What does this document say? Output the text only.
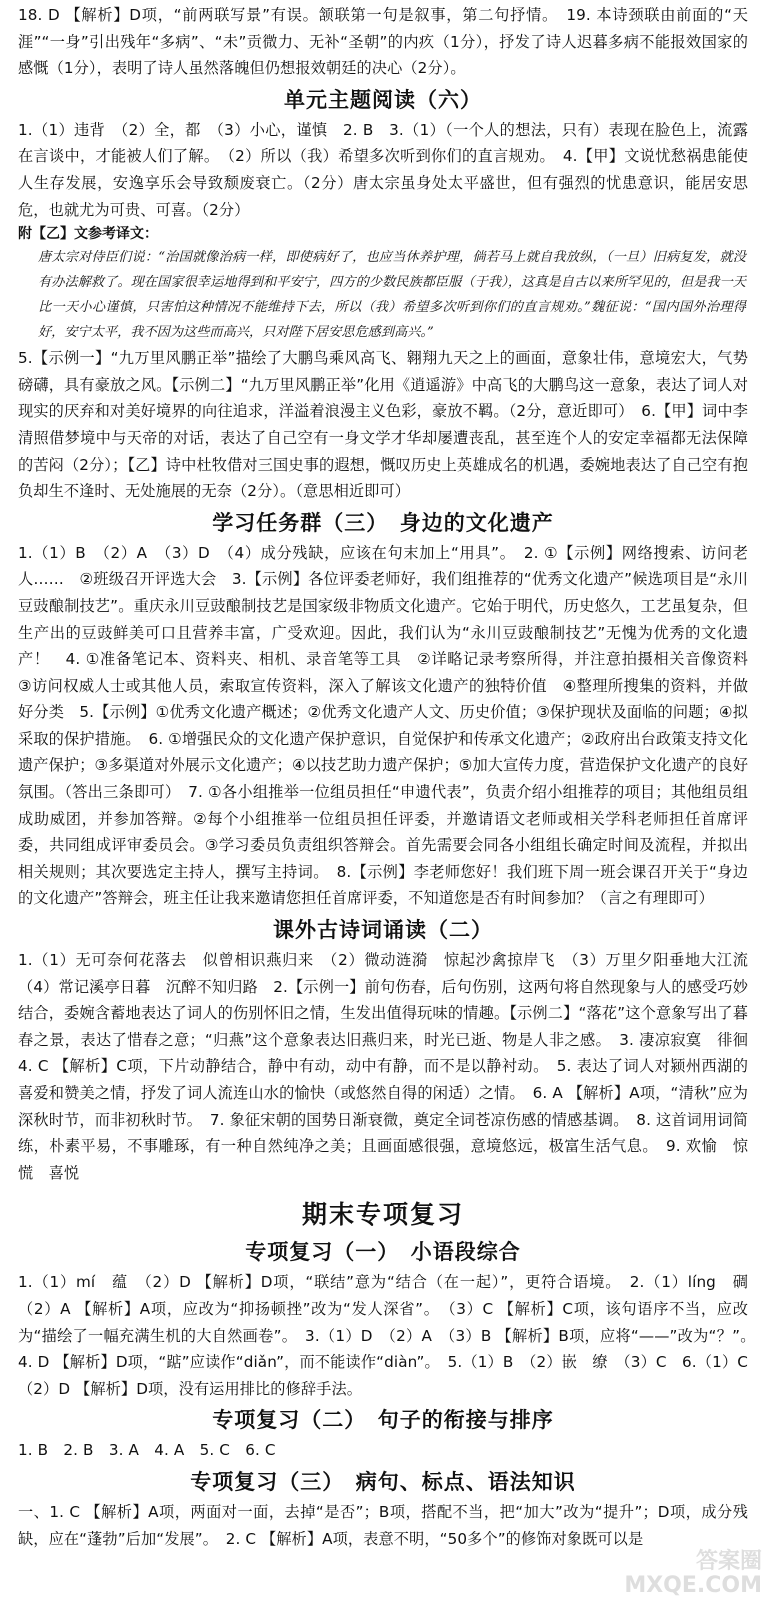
18. D 【解析】D项，“前两联写景”有误。颔联第一句是叙事，第二句抒情。　19. 本诗颈联由前面的“天涯”“一身”引出残年“多病”、“未”贡微力、无补“圣朝”的内疚（1分），抒发了诗人迟暮多病不能报效国家的感慨（1分），表明了诗人虽然落魄但仍想报效朝廷的决心（2分）。

单元主题阅读（六）

1.（1）违背　（2）全，都　（3）小心，谨慎　2. B　3.（1）（一个人的想法，只有）表现在脸色上，流露在言谈中，才能被人们了解。　（2）所以（我）希望多次听到你们的直言规劝。　4.【甲】文说忧愁祸患能使人生存发展，安逸享乐会导致颓废衰亡。（2分）唐太宗虽身处太平盛世，但有强烈的忧患意识，能居安思危，也就尤为可贵、可喜。（2分）

附【乙】文参考译文：

唐太宗对侍臣们说：“治国就像治病一样，即使病好了，也应当休养护理，倘若马上就自我放纵，（一旦）旧病复发，就没有办法解救了。现在国家很幸运地得到和平安宁，四方的少数民族都臣服（于我），这真是自古以来所罕见的，但是我一天比一天小心谨慎，只害怕这种情况不能维持下去，所以（我）希望多次听到你们的直言规劝。”魏征说：“国内国外治理得好，安宁太平，我不因为这些而高兴，只对陛下居安思危感到高兴。”

5.【示例一】“九万里风鹏正举”描绘了大鹏鸟乘风高飞、翱翔九天之上的画面，意象壮伟，意境宏大，气势磅礴，具有豪放之风。【示例二】“九万里风鹏正举”化用《逍遥游》中高飞的大鹏鸟这一意象，表达了词人对现实的厌弃和对美好境界的向往追求，洋溢着浪漫主义色彩，豪放不羁。（2分，意近即可）　6.【甲】词中李清照借梦境中与天帝的对话，表达了自己空有一身文学才华却屡遭丧乱，甚至连个人的安定幸福都无法保障的苦闷（2分）；【乙】诗中杜牧借对三国史事的遐想，慨叹历史上英雄成名的机遇，委婉地表达了自己空有抱负却生不逢时、无处施展的无奈（2分）。（意思相近即可）

学习任务群（三）　 身边的文化遗产

1.（1）B　（2）A　（3）D　（4）成分残缺，应该在句末加上“用具”。　2. ①【示例】网络搜索、访问老人……　②班级召开评选大会　3.【示例】各位评委老师好，我们组推荐的“优秀文化遗产”候选项目是“永川豆豉酿制技艺”。重庆永川豆豉酿制技艺是国家级非物质文化遗产。它始于明代，历史悠久，工艺虽复杂，但生产出的豆豉鲜美可口且营养丰富，广受欢迎。因此，我们认为“永川豆豉酿制技艺”无愧为优秀的文化遗产！　4. ①准备笔记本、资料夹、相机、录音笔等工具　②详略记录考察所得，并注意拍摄相关音像资料　③访问权威人士或其他人员，索取宣传资料，深入了解该文化遗产的独特价值　④整理所搜集的资料，并做好分类　5.【示例】①优秀文化遗产概述；②优秀文化遗产人文、历史价值；③保护现状及面临的问题；④拟采取的保护措施。　6. ①增强民众的文化遗产保护意识，自觉保护和传承文化遗产；②政府出台政策支持文化遗产保护；③多渠道对外展示文化遗产；④以技艺助力遗产保护；⑤加大宣传力度，营造保护文化遗产的良好氛围。（答出三条即可）　7. ①各小组推举一位组员担任“申遗代表”，负责介绍小组推荐的项目；其他组员组成助威团，并参加答辩。②每个小组推举一位组员担任评委，并邀请语文老师或相关学科老师担任首席评委，共同组成评审委员会。③学习委员负责组织答辩会。首先需要会同各小组组长确定时间及流程，并拟出相关规则；其次要选定主持人，撰写主持词。　8.【示例】李老师您好！我们班下周一班会课召开关于“身边的文化遗产”答辩会，班主任让我来邀请您担任首席评委，不知道您是否有时间参加？（言之有理即可）

课外古诗词诵读（二）

1.（1）无可奈何花落去　似曾相识燕归来　（2）微动涟漪　惊起沙禽掠岸飞　（3）万里夕阳垂地大江流　（4）常记溪亭日暮　沉醉不知归路　2.【示例一】前句伤春，后句伤别，这两句将自然现象与人的感受巧妙结合，委婉含蓄地表达了词人的伤别怀旧之情，生发出值得玩味的情趣。【示例二】“落花”这个意象写出了暮春之景，表达了惜春之意；“归燕”这个意象表达旧燕归来，时光已逝、物是人非之感。　3. 凄凉寂寞　徘徊　4. C 【解析】C项，下片动静结合，静中有动，动中有静，而不是以静衬动。　5. 表达了词人对颍州西湖的喜爱和赞美之情，抒发了词人流连山水的愉快（或悠然自得的闲适）之情。　6. A 【解析】A项，“清秋”应为深秋时节，而非初秋时节。　7. 象征宋朝的国势日渐衰微，奠定全词苍凉伤感的情感基调。　8. 这首词用词简练，朴素平易，不事雕琢，有一种自然纯净之美；且画面感很强，意境悠远，极富生活气息。　9. 欢愉　惊慌　喜悦

期末专项复习
专项复习（一）　 小语段综合

1.（1）mí　蕴　（2）D 【解析】D项，“联结”意为“结合（在一起）”，更符合语境。　2.（1）líng　碉　（2）A 【解析】A项，应改为“抑扬顿挫”改为“发人深省”。　（3）C 【解析】C项，该句语序不当，应改为“描绘了一幅充满生机的大自然画卷”。　3.（1）D　（2）A　（3）B 【解析】B项，应将“——”改为“？”。　4. D 【解析】D项，“踮”应读作“diǎn”，而不能读作“diàn”。　5.（1）B　（2）嵌　缭　（3）C　6.（1）C　（2）D 【解析】D项，没有运用排比的修辞手法。

专项复习（二）　 句子的衔接与排序

1. B　2. B　3. A　4. A　5. C　6. C

专项复习（三）　 病句、标点、语法知识

一、1. C 【解析】A项，两面对一面，去掉“是否”；B项，搭配不当，把“加大”改为“提升”；D项，成分残缺，应在“蓬勃”后加“发展”。　2. C 【解析】A项，表意不明，“50多个”的修饰对象既可以是

答案圈 MXQE.COM
